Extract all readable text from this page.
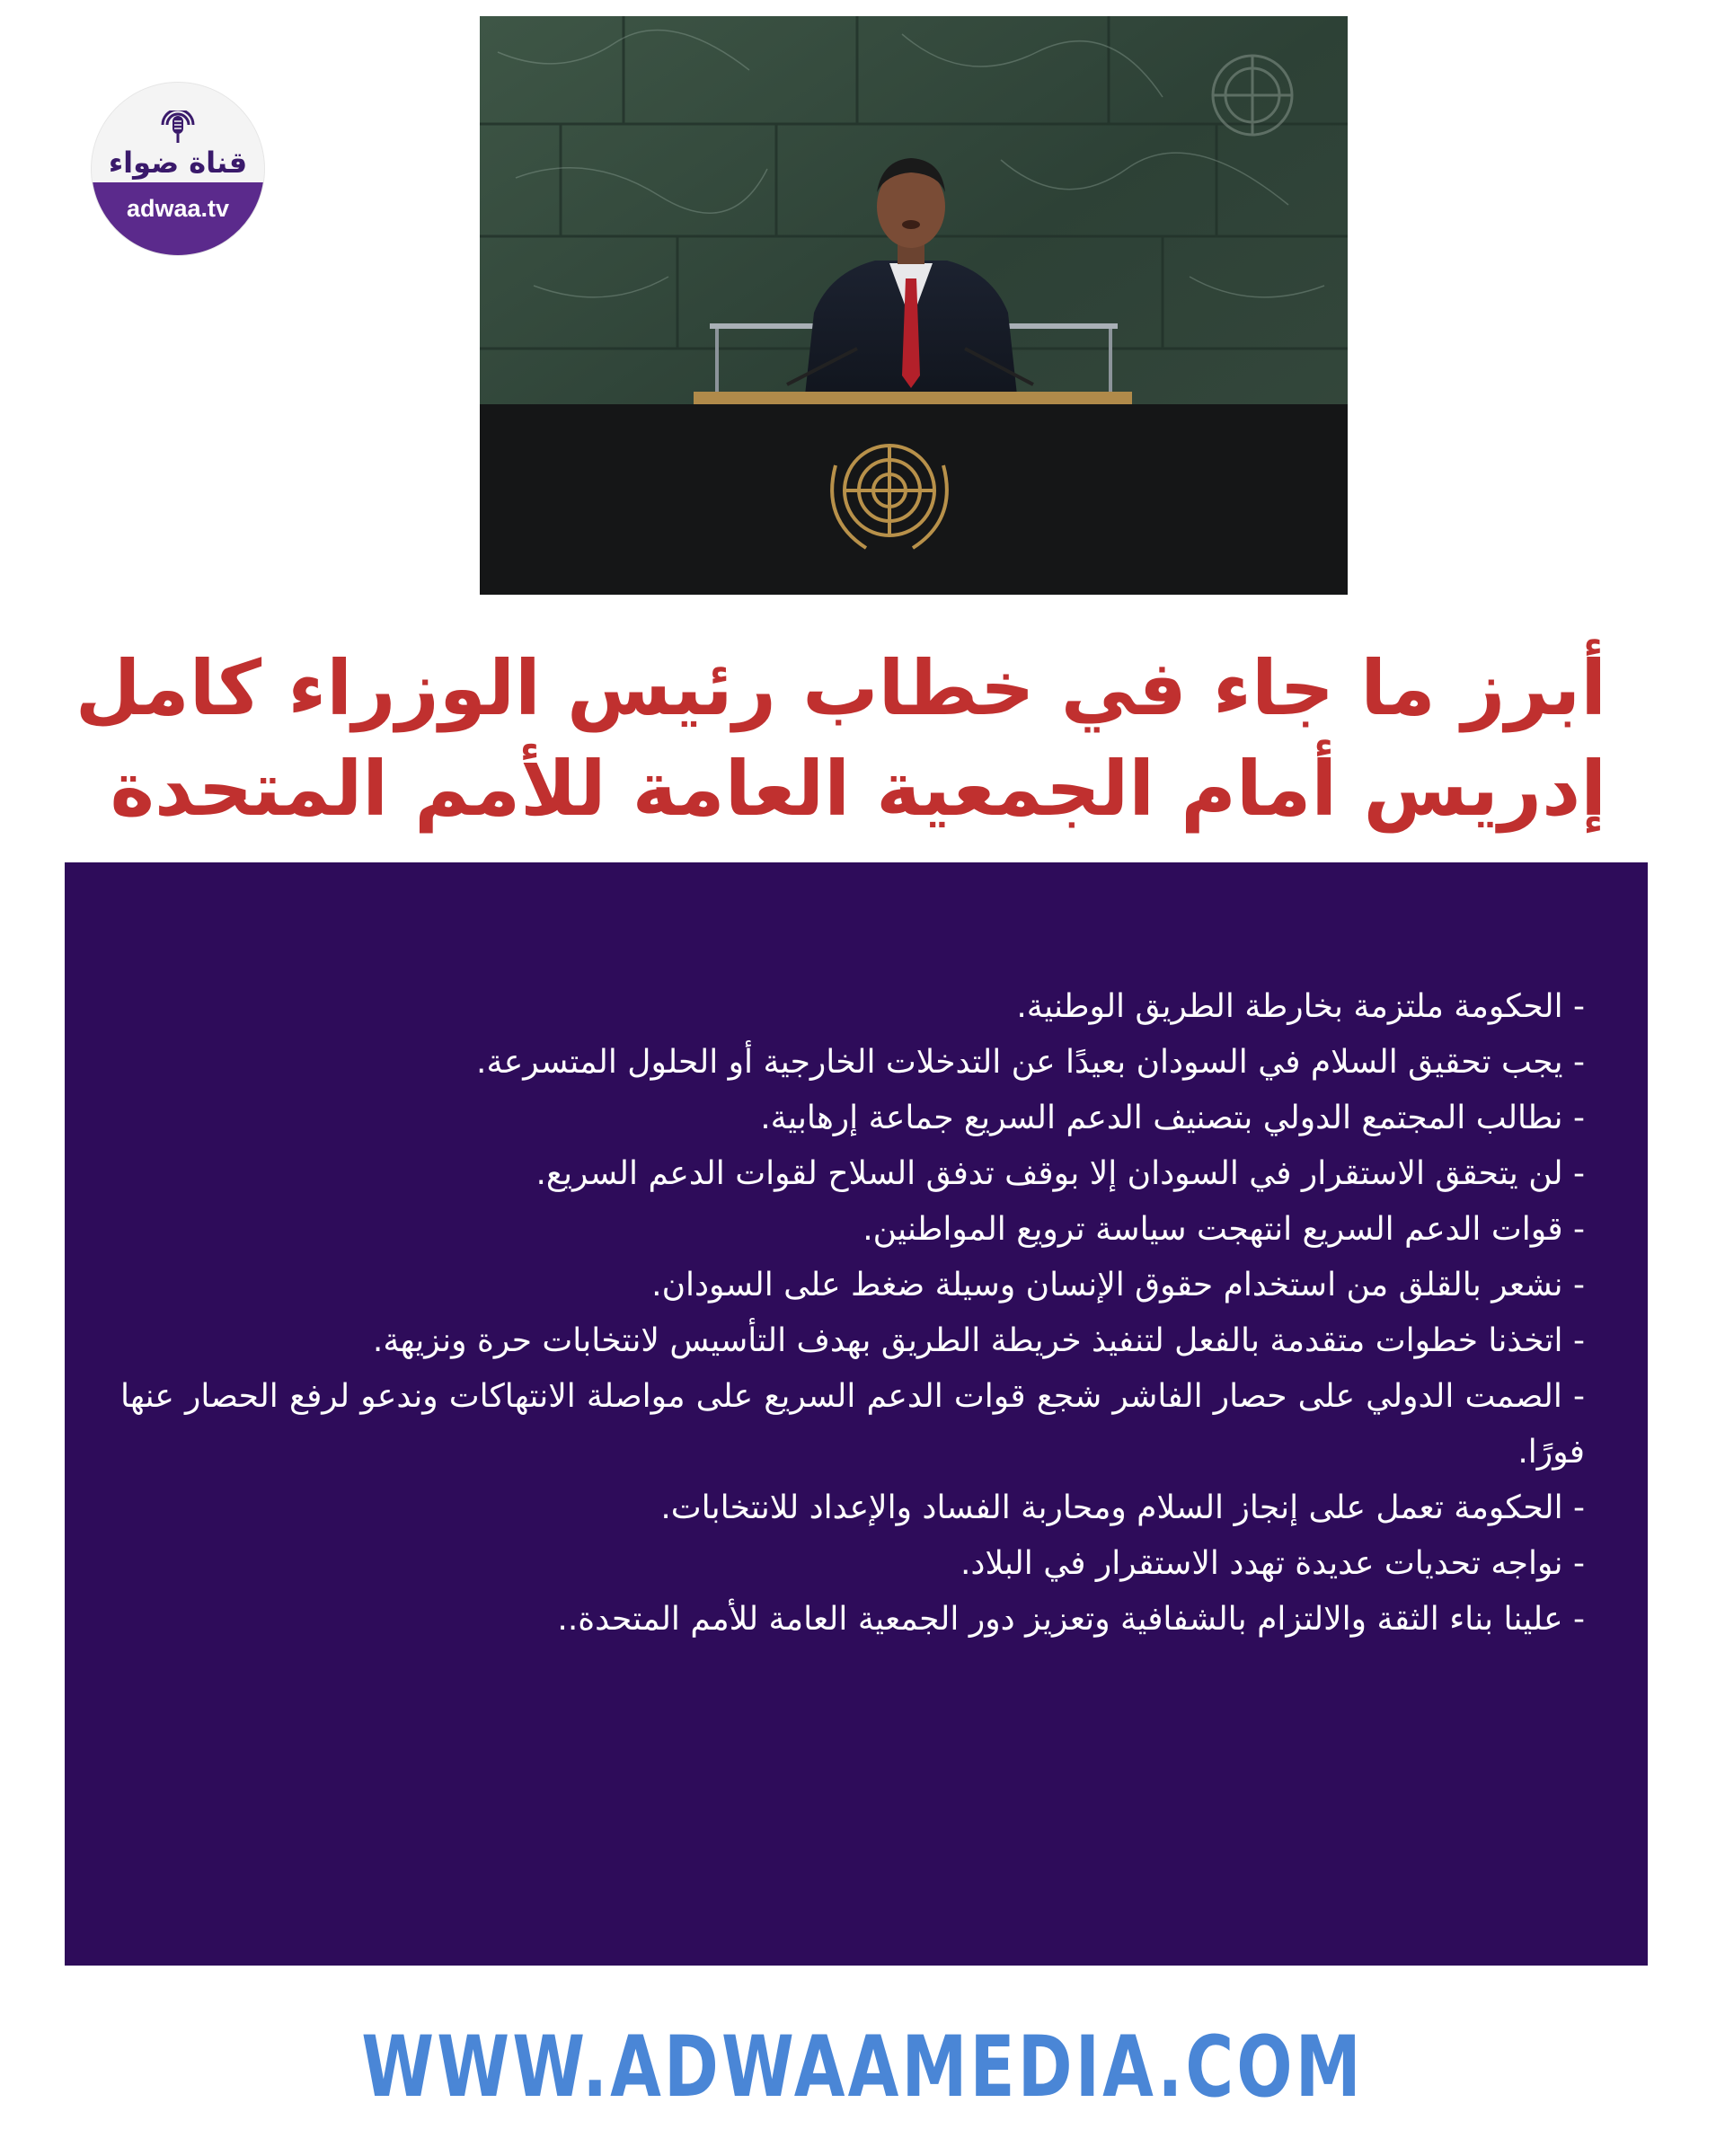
قناة ضواء
adwaa.tv
أبرز ما جاء في خطاب رئيس الوزراء كامل
إدريس أمام الجمعية العامة للأمم المتحدة
- الحكومة ملتزمة بخارطة الطريق الوطنية.
- يجب تحقيق السلام في السودان بعيدًا عن التدخلات الخارجية أو الحلول المتسرعة.
- نطالب المجتمع الدولي بتصنيف الدعم السريع جماعة إرهابية.
- لن يتحقق الاستقرار في السودان إلا بوقف تدفق السلاح لقوات الدعم السريع.
- قوات الدعم السريع انتهجت سياسة ترويع المواطنين.
- نشعر بالقلق من استخدام حقوق الإنسان وسيلة ضغط على السودان.
- اتخذنا خطوات متقدمة بالفعل لتنفيذ خريطة الطريق بهدف التأسيس لانتخابات حرة ونزيهة.
- الصمت الدولي على حصار الفاشر شجع قوات الدعم السريع على مواصلة الانتهاكات وندعو لرفع الحصار عنها فورًا.
- الحكومة تعمل على إنجاز السلام ومحاربة الفساد والإعداد للانتخابات.
- نواجه تحديات عديدة تهدد الاستقرار في البلاد.
- علينا بناء الثقة والالتزام بالشفافية وتعزيز دور الجمعية العامة للأمم المتحدة..
WWW.ADWAAMEDIA.COM
